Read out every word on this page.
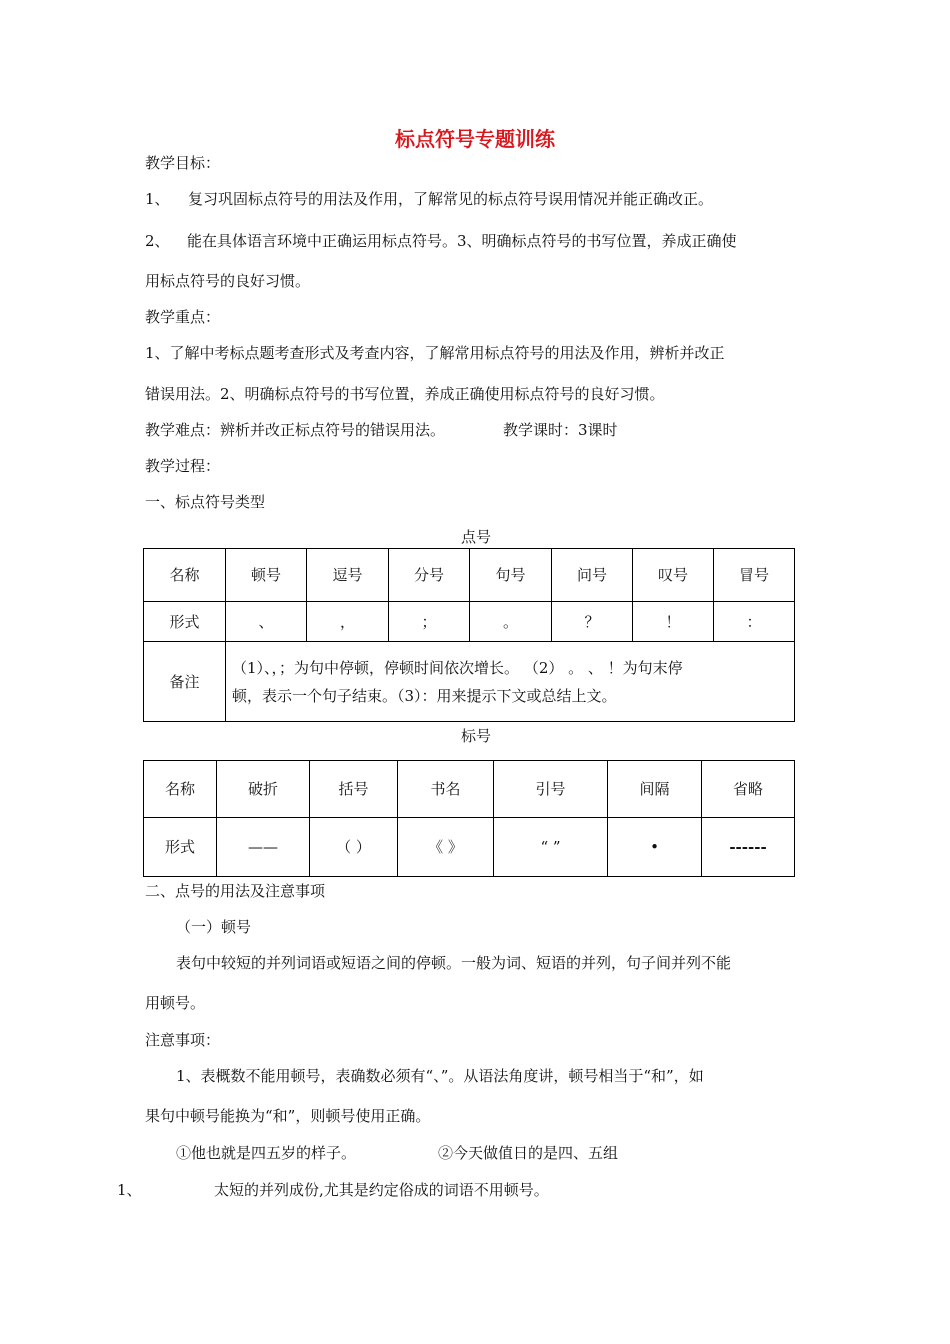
标点符号专题训练
教学目标：
1、 复习巩固标点符号的用法及作用，了解常见的标点符号误用情况并能正确改正。
2、 能在具体语言环境中正确运用标点符号。3、明确标点符号的书写位置，养成正确使
用标点符号的良好习惯。
教学重点：
1、了解中考标点题考查形式及考查内容，了解常用标点符号的用法及作用，辨析并改正
错误用法。2、明确标点符号的书写位置，养成正确使用标点符号的良好习惯。
教学难点：辨析并改正标点符号的错误用法。	教学课时：3课时
教学过程：
一、标点符号类型
点号
名称	顿号	逗号	分号	句号	问号	叹号	冒号
形式	、	，	；	。	？	！	：
备注	（1）、，；为句中停顿，停顿时间依次增长。 （2） 。 、 ！为句末停
顿，表示一个句子结束。（3）：用来提示下文或总结上文。						
标号
名称	破折	括号	书名	引号	间隔	省略
形式	——	（ ）	《 》	“ ”	•	------
二、点号的用法及注意事项
（一）顿号
表句中较短的并列词语或短语之间的停顿。一般为词、短语的并列，句子间并列不能
用顿号。
注意事项：
1、表概数不能用顿号，表确数必须有“、”。从语法角度讲，顿号相当于“和”，如
果句中顿号能换为“和”，则顿号使用正确。
①他也就是四五岁的样子。	②今天做值日的是四、五组
1、	太短的并列成份,尤其是约定俗成的词语不用顿号。
